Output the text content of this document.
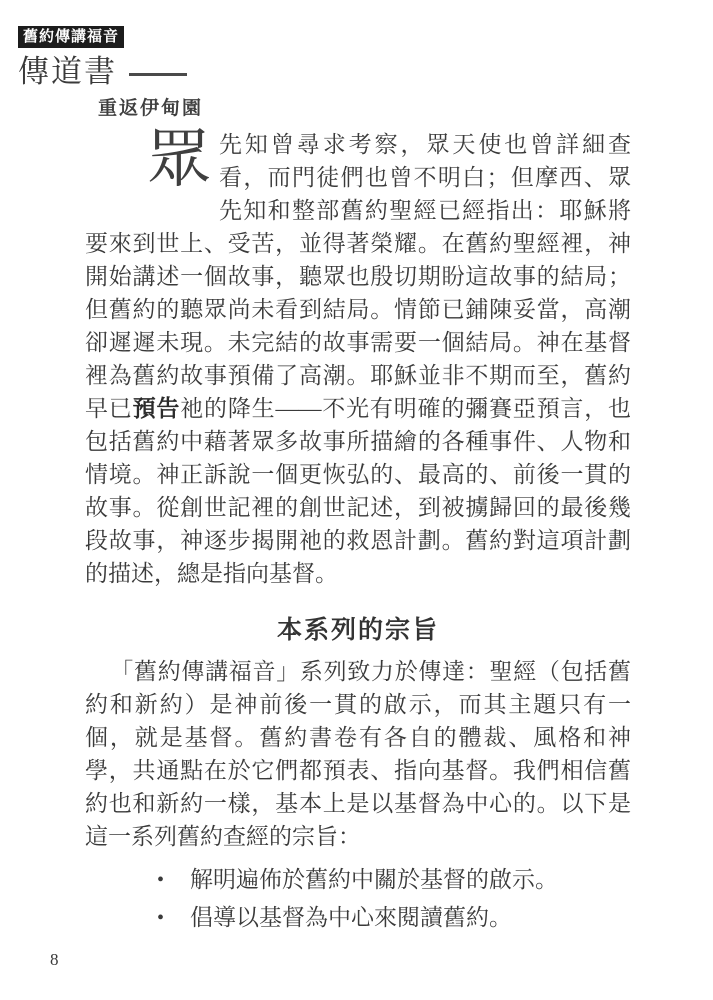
舊約傳講福音
傳道書
重返伊甸園

眾先知曾尋求考察，眾天使也曾詳細查看，而門徒們也曾不明白；但摩西、眾先知和整部舊約聖經已經指出：耶穌將要來到世上、受苦，並得著榮耀。在舊約聖經裡，神開始講述一個故事，聽眾也殷切期盼這故事的結局；但舊約的聽眾尚未看到結局。情節已鋪陳妥當，高潮卻遲遲未現。未完結的故事需要一個結局。神在基督裡為舊約故事預備了高潮。耶穌並非不期而至，舊約早已預告祂的降生——不光有明確的彌賽亞預言，也包括舊約中藉著眾多故事所描繪的各種事件、人物和情境。神正訴說一個更恢弘的、最高的、前後一貫的故事。從創世記裡的創世記述，到被擄歸回的最後幾段故事，神逐步揭開祂的救恩計劃。舊約對這項計劃的描述，總是指向基督。

本系列的宗旨

「舊約傳講福音」系列致力於傳達：聖經（包括舊約和新約）是神前後一貫的啟示，而其主題只有一個，就是基督。舊約書卷有各自的體裁、風格和神學，共通點在於它們都預表、指向基督。我們相信舊約也和新約一樣，基本上是以基督為中心的。以下是這一系列舊約查經的宗旨：

• 解明遍佈於舊約中關於基督的啟示。
• 倡導以基督為中心來閱讀舊約。
8
